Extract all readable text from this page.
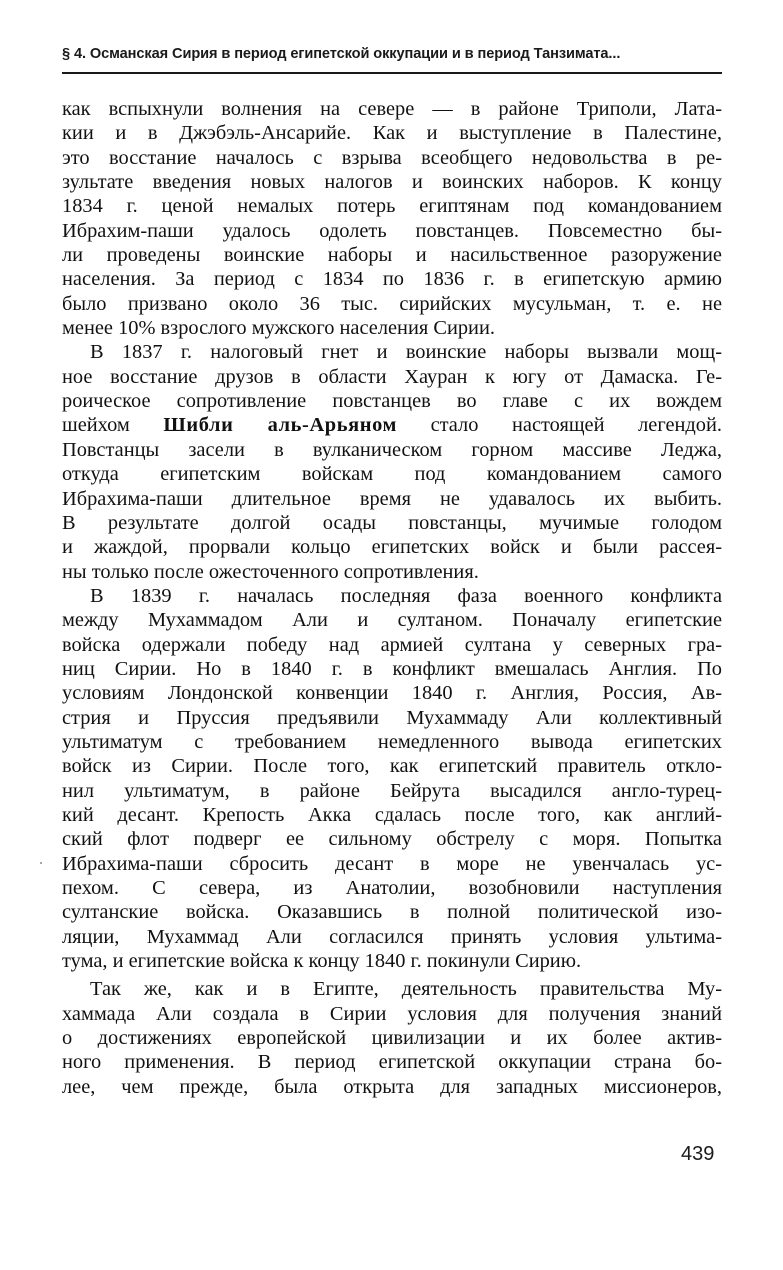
§ 4. Османская Сирия в период египетской оккупации и в период Танзимата...
как вспыхнули волнения на севере — в районе Триполи, Лата-
кии и в Джэбэль-Ансарийе. Как и выступление в Палестине,
это восстание началось с взрыва всеобщего недовольства в ре-
зультате введения новых налогов и воинских наборов. К концу
1834 г. ценой немалых потерь египтянам под командованием
Ибрахим-паши удалось одолеть повстанцев. Повсеместно бы-
ли проведены воинские наборы и насильственное разоружение
населения. За период с 1834 по 1836 г. в египетскую армию
было призвано около 36 тыс. сирийских мусульман, т. е. не
менее 10% взрослого мужского населения Сирии.
В 1837 г. налоговый гнет и воинские наборы вызвали мощ-
ное восстание друзов в области Хауран к югу от Дамаска. Ге-
роическое сопротивление повстанцев во главе с их вождем
шейхом Шибли аль-Арьяном стало настоящей легендой.
Повстанцы засели в вулканическом горном массиве Леджа,
откуда египетским войскам под командованием самого
Ибрахима-паши длительное время не удавалось их выбить.
В результате долгой осады повстанцы, мучимые голодом
и жаждой, прорвали кольцо египетских войск и были рассея-
ны только после ожесточенного сопротивления.
В 1839 г. началась последняя фаза военного конфликта
между Мухаммадом Али и султаном. Поначалу египетские
войска одержали победу над армией султана у северных гра-
ниц Сирии. Но в 1840 г. в конфликт вмешалась Англия. По
условиям Лондонской конвенции 1840 г. Англия, Россия, Ав-
стрия и Пруссия предъявили Мухаммаду Али коллективный
ультиматум с требованием немедленного вывода египетских
войск из Сирии. После того, как египетский правитель откло-
нил ультиматум, в районе Бейрута высадился англо-турец-
кий десант. Крепость Акка сдалась после того, как англий-
ский флот подверг ее сильному обстрелу с моря. Попытка
Ибрахима-паши сбросить десант в море не увенчалась ус-
пехом. С севера, из Анатолии, возобновили наступления
султанские войска. Оказавшись в полной политической изо-
ляции, Мухаммад Али согласился принять условия ультима-
тума, и египетские войска к концу 1840 г. покинули Сирию.
Так же, как и в Египте, деятельность правительства Му-
хаммада Али создала в Сирии условия для получения знаний
о достижениях европейской цивилизации и их более актив-
ного применения. В период египетской оккупации страна бо-
лее, чем прежде, была открыта для западных миссионеров,
439
